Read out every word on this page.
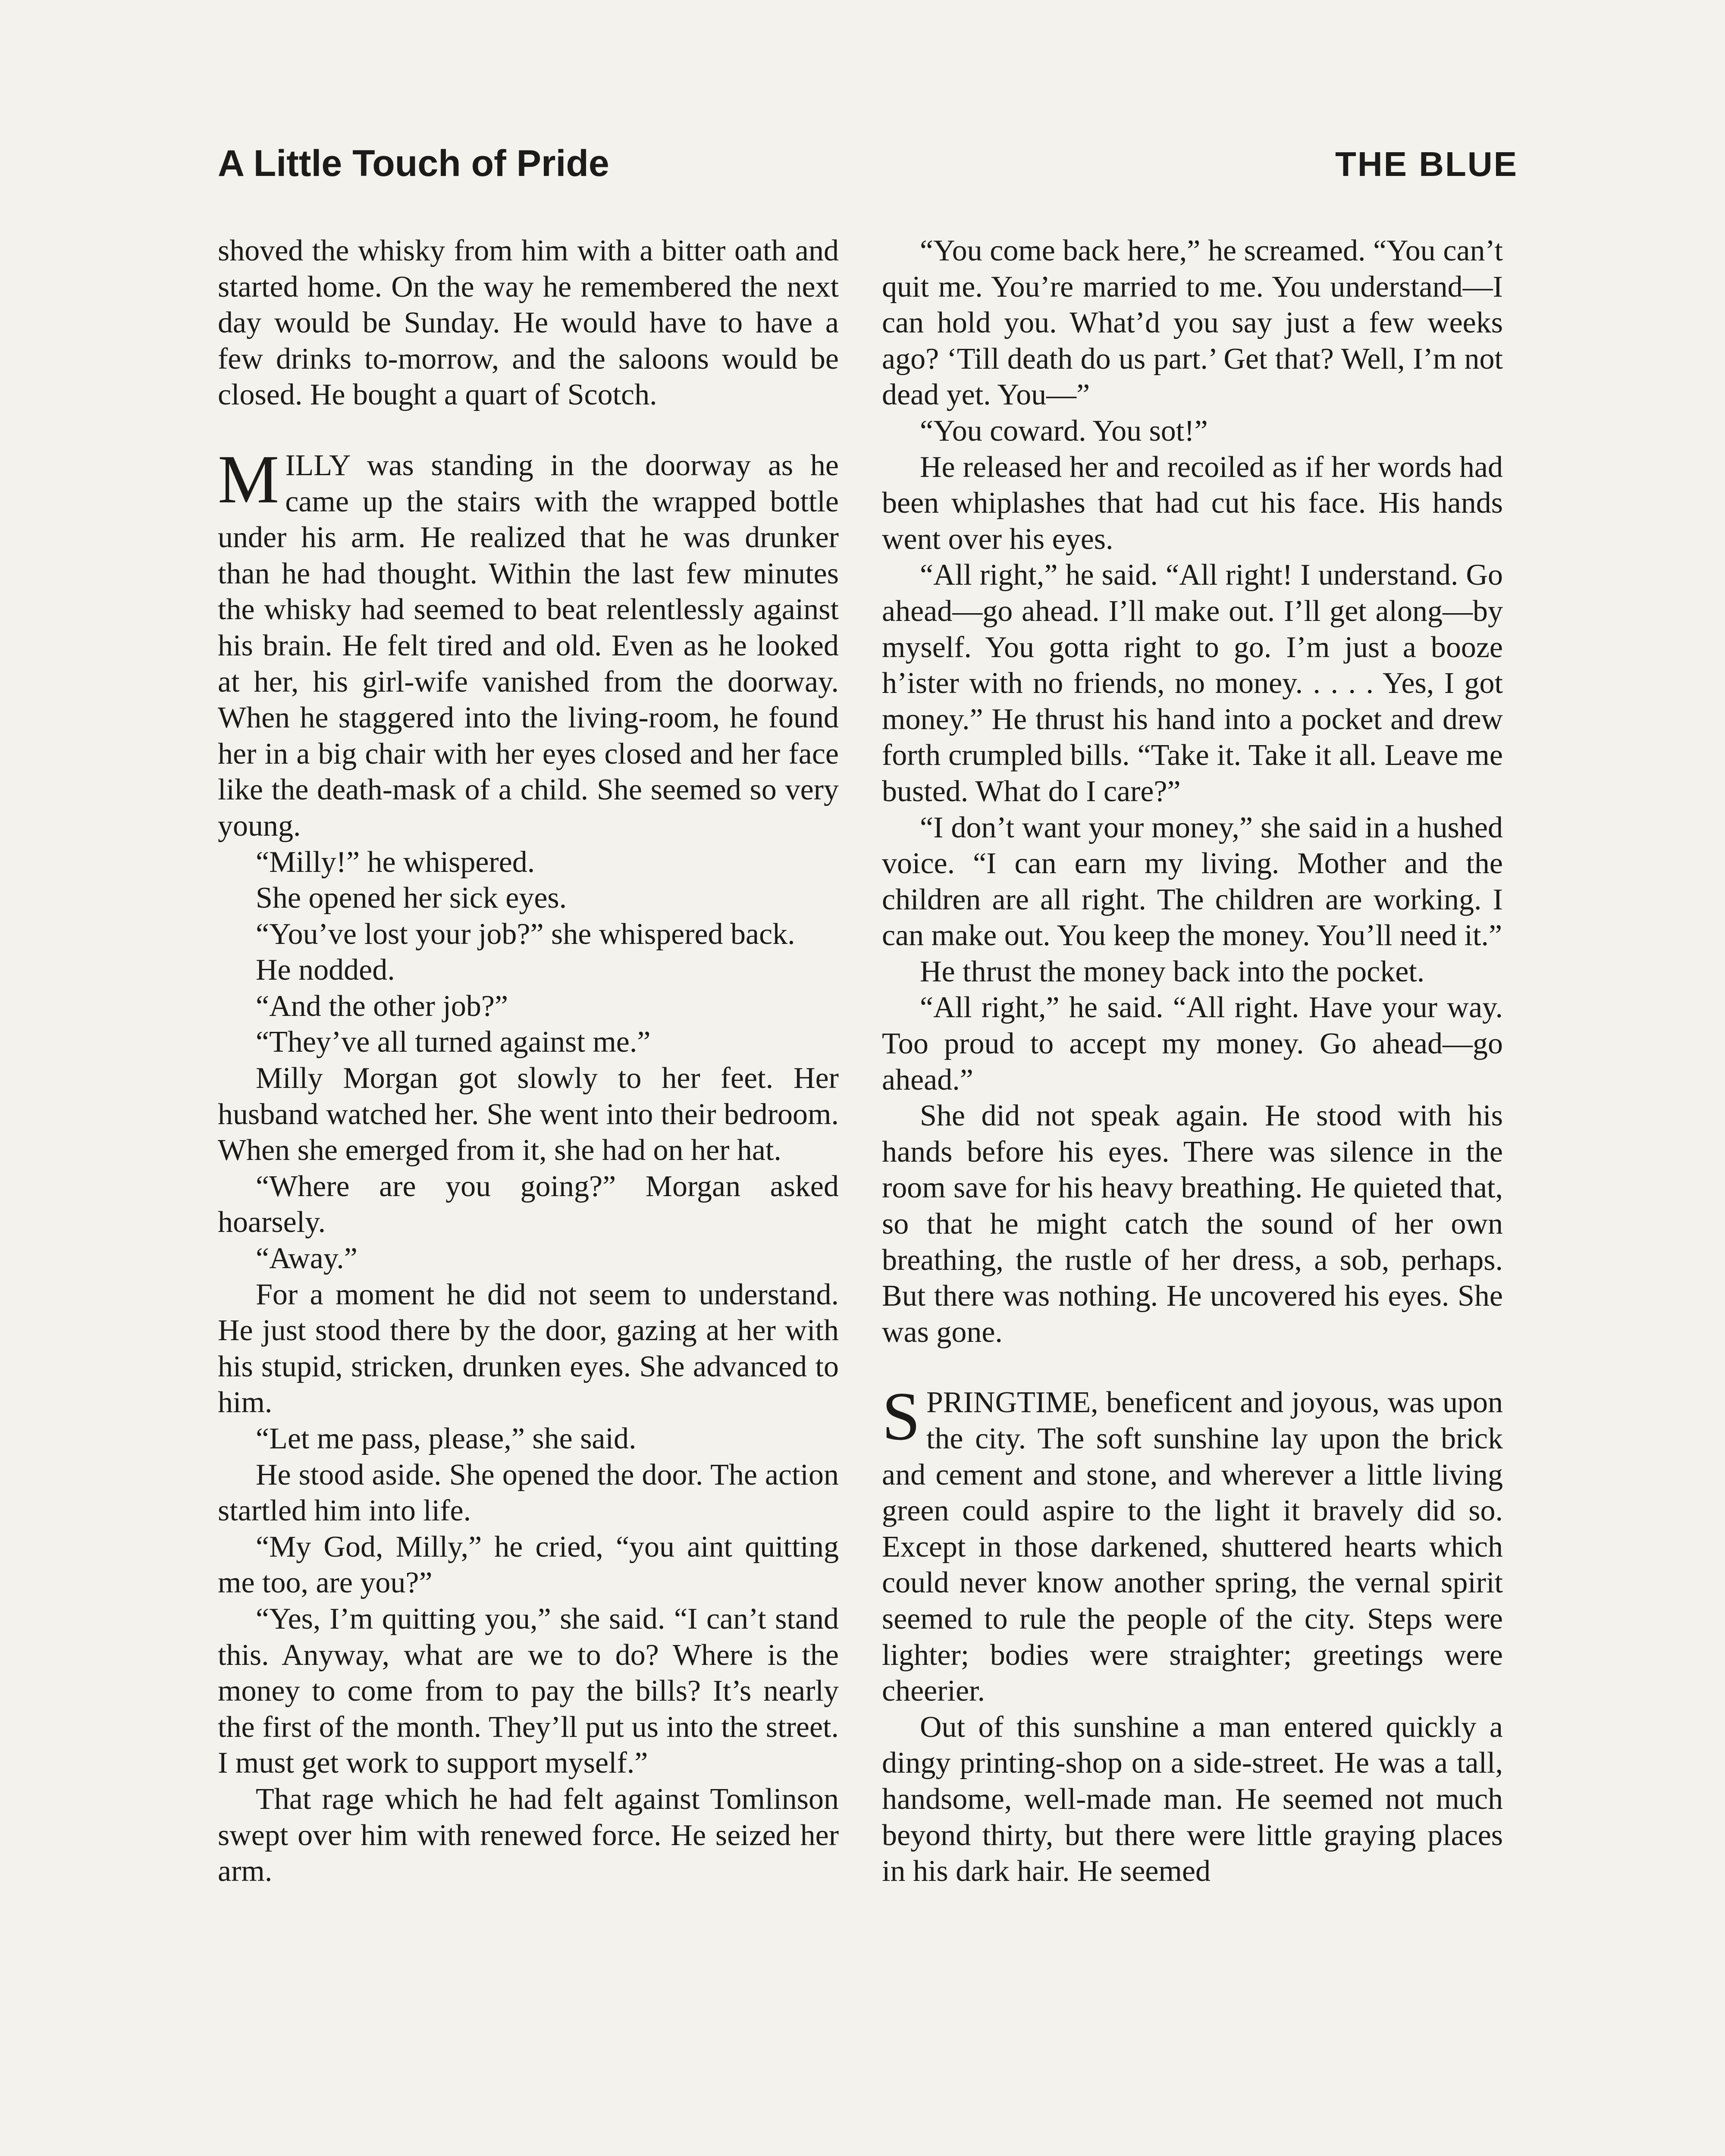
A Little Touch of Pride	THE BLUE

shoved the whisky from him with a bitter oath and started home. On the way he remembered the next day would be Sunday. He would have to have a few drinks to-morrow, and the saloons would be closed. He bought a quart of Scotch.

MILLY was standing in the doorway as he came up the stairs with the wrapped bottle under his arm. He realized that he was drunker than he had thought. Within the last few minutes the whisky had seemed to beat relentlessly against his brain. He felt tired and old. Even as he looked at her, his girl-wife vanished from the doorway. When he staggered into the living-room, he found her in a big chair with her eyes closed and her face like the death-mask of a child. She seemed so very young.

“Milly!” he whispered.

She opened her sick eyes.

“You’ve lost your job?” she whispered back.

He nodded.

“And the other job?”

“They’ve all turned against me.”

Milly Morgan got slowly to her feet. Her husband watched her. She went into their bedroom. When she emerged from it, she had on her hat.

“Where are you going?” Morgan asked hoarsely.

“Away.”

For a moment he did not seem to understand. He just stood there by the door, gazing at her with his stupid, stricken, drunken eyes. She advanced to him.

“Let me pass, please,” she said.

He stood aside. She opened the door. The action startled him into life.

“My God, Milly,” he cried, “you aint quitting me too, are you?”

“Yes, I’m quitting you,” she said. “I can’t stand this. Anyway, what are we to do? Where is the money to come from to pay the bills? It’s nearly the first of the month. They’ll put us into the street. I must get work to support myself.”

That rage which he had felt against Tomlinson swept over him with renewed force. He seized her arm.

“You come back here,” he screamed. “You can’t quit me. You’re married to me. You understand—I can hold you. What’d you say just a few weeks ago? ‘Till death do us part.’ Get that? Well, I’m not dead yet. You—”

“You coward. You sot!”

He released her and recoiled as if her words had been whiplashes that had cut his face. His hands went over his eyes.

“All right,” he said. “All right! I understand. Go ahead—go ahead. I’ll make out. I’ll get along—by myself. You gotta right to go. I’m just a booze h’ister with no friends, no money. . . . . Yes, I got money.” He thrust his hand into a pocket and drew forth crumpled bills. “Take it. Take it all. Leave me busted. What do I care?”

“I don’t want your money,” she said in a hushed voice. “I can earn my living. Mother and the children are all right. The children are working. I can make out. You keep the money. You’ll need it.”

He thrust the money back into the pocket.

“All right,” he said. “All right. Have your way. Too proud to accept my money. Go ahead—go ahead.”

She did not speak again. He stood with his hands before his eyes. There was silence in the room save for his heavy breathing. He quieted that, so that he might catch the sound of her own breathing, the rustle of her dress, a sob, perhaps. But there was nothing. He uncovered his eyes. She was gone.

SPRINGTIME, beneficent and joyous, was upon the city. The soft sunshine lay upon the brick and cement and stone, and wherever a little living green could aspire to the light it bravely did so. Except in those darkened, shuttered hearts which could never know another spring, the vernal spirit seemed to rule the people of the city. Steps were lighter; bodies were straighter; greetings were cheerier.

Out of this sunshine a man entered quickly a dingy printing-shop on a side-street. He was a tall, handsome, well-made man. He seemed not much beyond thirty, but there were little graying places in his dark hair. He seemed
